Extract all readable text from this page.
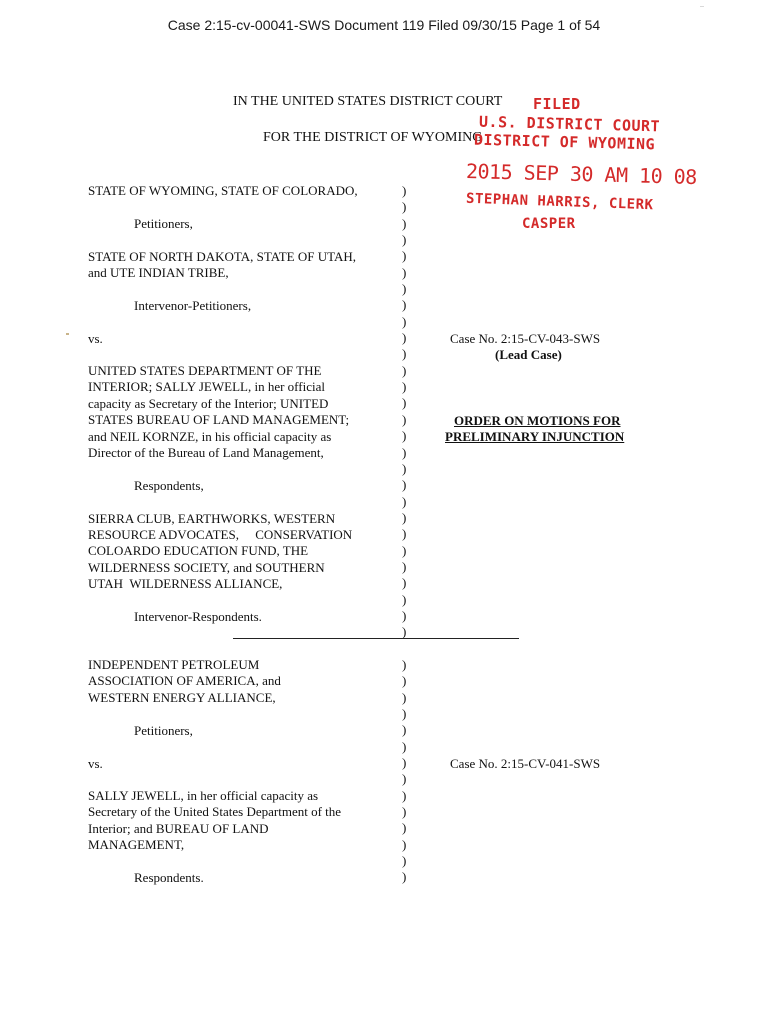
Case 2:15-cv-00041-SWS Document 119 Filed 09/30/15 Page 1 of 54
IN THE UNITED STATES DISTRICT COURT
FOR THE DISTRICT OF WYOMING
FILED
U.S. DISTRICT COURT
DISTRICT OF WYOMING
2015 SEP 30 AM 10 08
STEPHAN HARRIS, CLERK
CASPER
STATE OF WYOMING, STATE OF COLORADO,
Petitioners,
STATE OF NORTH DAKOTA, STATE OF UTAH,
and UTE INDIAN TRIBE,
Intervenor-Petitioners,
vs.
UNITED STATES DEPARTMENT OF THE
INTERIOR; SALLY JEWELL, in her official
capacity as Secretary of the Interior; UNITED
STATES BUREAU OF LAND MANAGEMENT;
and NEIL KORNZE, in his official capacity as
Director of the Bureau of Land Management,
Respondents,
SIERRA CLUB, EARTHWORKS, WESTERN
RESOURCE ADVOCATES,     CONSERVATION
COLOARDO EDUCATION FUND, THE
WILDERNESS SOCIETY, and SOUTHERN
UTAH  WILDERNESS ALLIANCE,
Intervenor-Respondents.
)
)
)
)
)
)
)
)
)
)
)
)
)
)
)
)
)
)
)
)
)
)
)
)
)
)
)
)
Case No. 2:15-CV-043-SWS
(Lead Case)
ORDER ON MOTIONS FOR
PRELIMINARY INJUNCTION
INDEPENDENT PETROLEUM
ASSOCIATION OF AMERICA, and
WESTERN ENERGY ALLIANCE,
Petitioners,
vs.
SALLY JEWELL, in her official capacity as
Secretary of the United States Department of the
Interior; and BUREAU OF LAND
MANAGEMENT,
Respondents.
)
)
)
)
)
)
)
)
)
)
)
)
)
)
Case No. 2:15-CV-041-SWS
